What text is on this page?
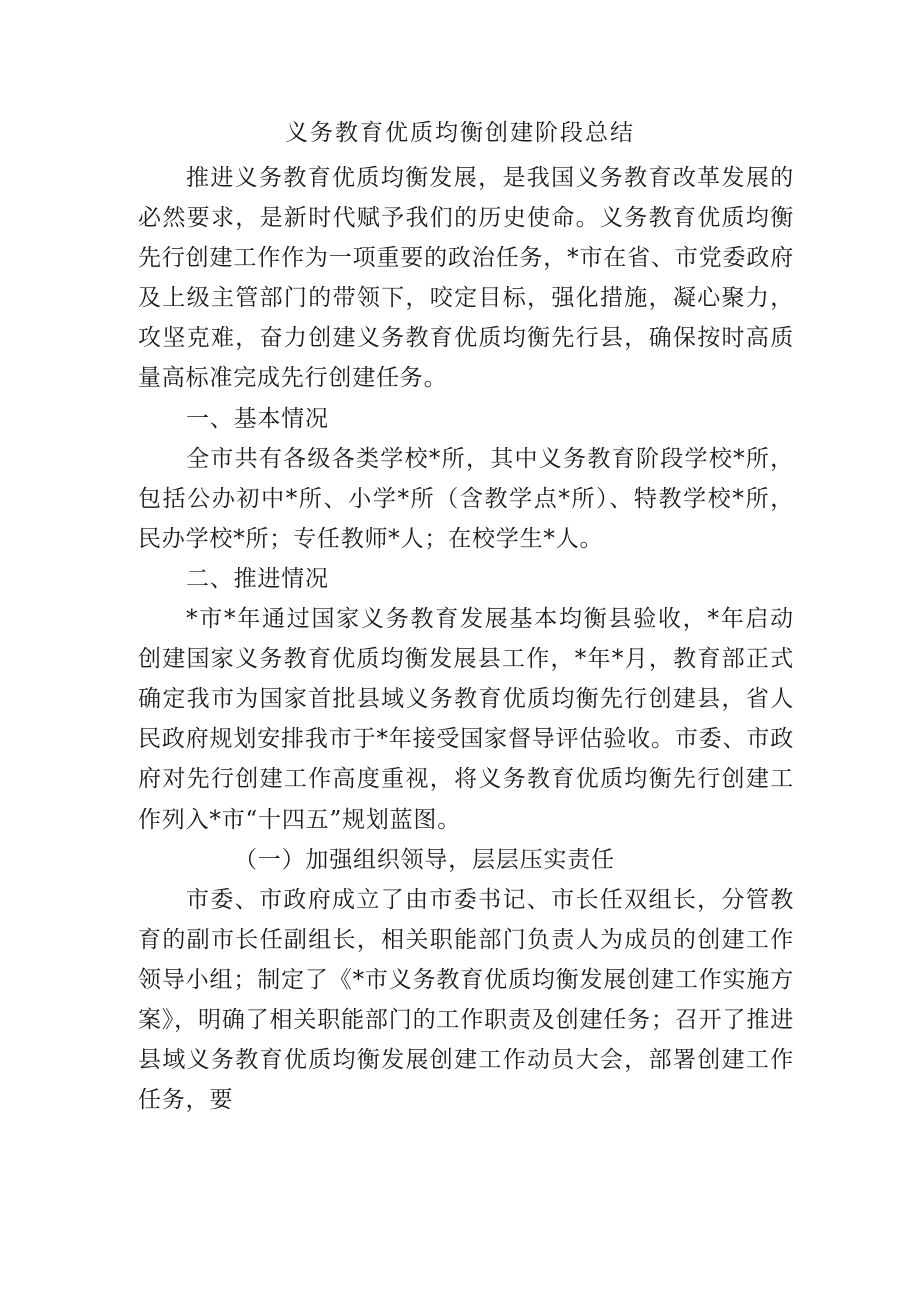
义务教育优质均衡创建阶段总结

推进义务教育优质均衡发展，是我国义务教育改革发展的必然要求，是新时代赋予我们的历史使命。义务教育优质均衡先行创建工作作为一项重要的政治任务，*市在省、市党委政府及上级主管部门的带领下，咬定目标，强化措施，凝心聚力，攻坚克难，奋力创建义务教育优质均衡先行县，确保按时高质量高标准完成先行创建任务。

一、基本情况

全市共有各级各类学校*所，其中义务教育阶段学校*所，包括公办初中*所、小学*所（含教学点*所）、特教学校*所，民办学校*所；专任教师*人；在校学生*人。

二、推进情况

*市*年通过国家义务教育发展基本均衡县验收，*年启动创建国家义务教育优质均衡发展县工作，*年*月，教育部正式确定我市为国家首批县域义务教育优质均衡先行创建县，省人民政府规划安排我市于*年接受国家督导评估验收。市委、市政府对先行创建工作高度重视，将义务教育优质均衡先行创建工作列入*市“十四五”规划蓝图。

（一）加强组织领导，层层压实责任

市委、市政府成立了由市委书记、市长任双组长，分管教育的副市长任副组长，相关职能部门负责人为成员的创建工作领导小组；制定了《*市义务教育优质均衡发展创建工作实施方案》，明确了相关职能部门的工作职责及创建任务；召开了推进县域义务教育优质均衡发展创建工作动员大会，部署创建工作任务，要
